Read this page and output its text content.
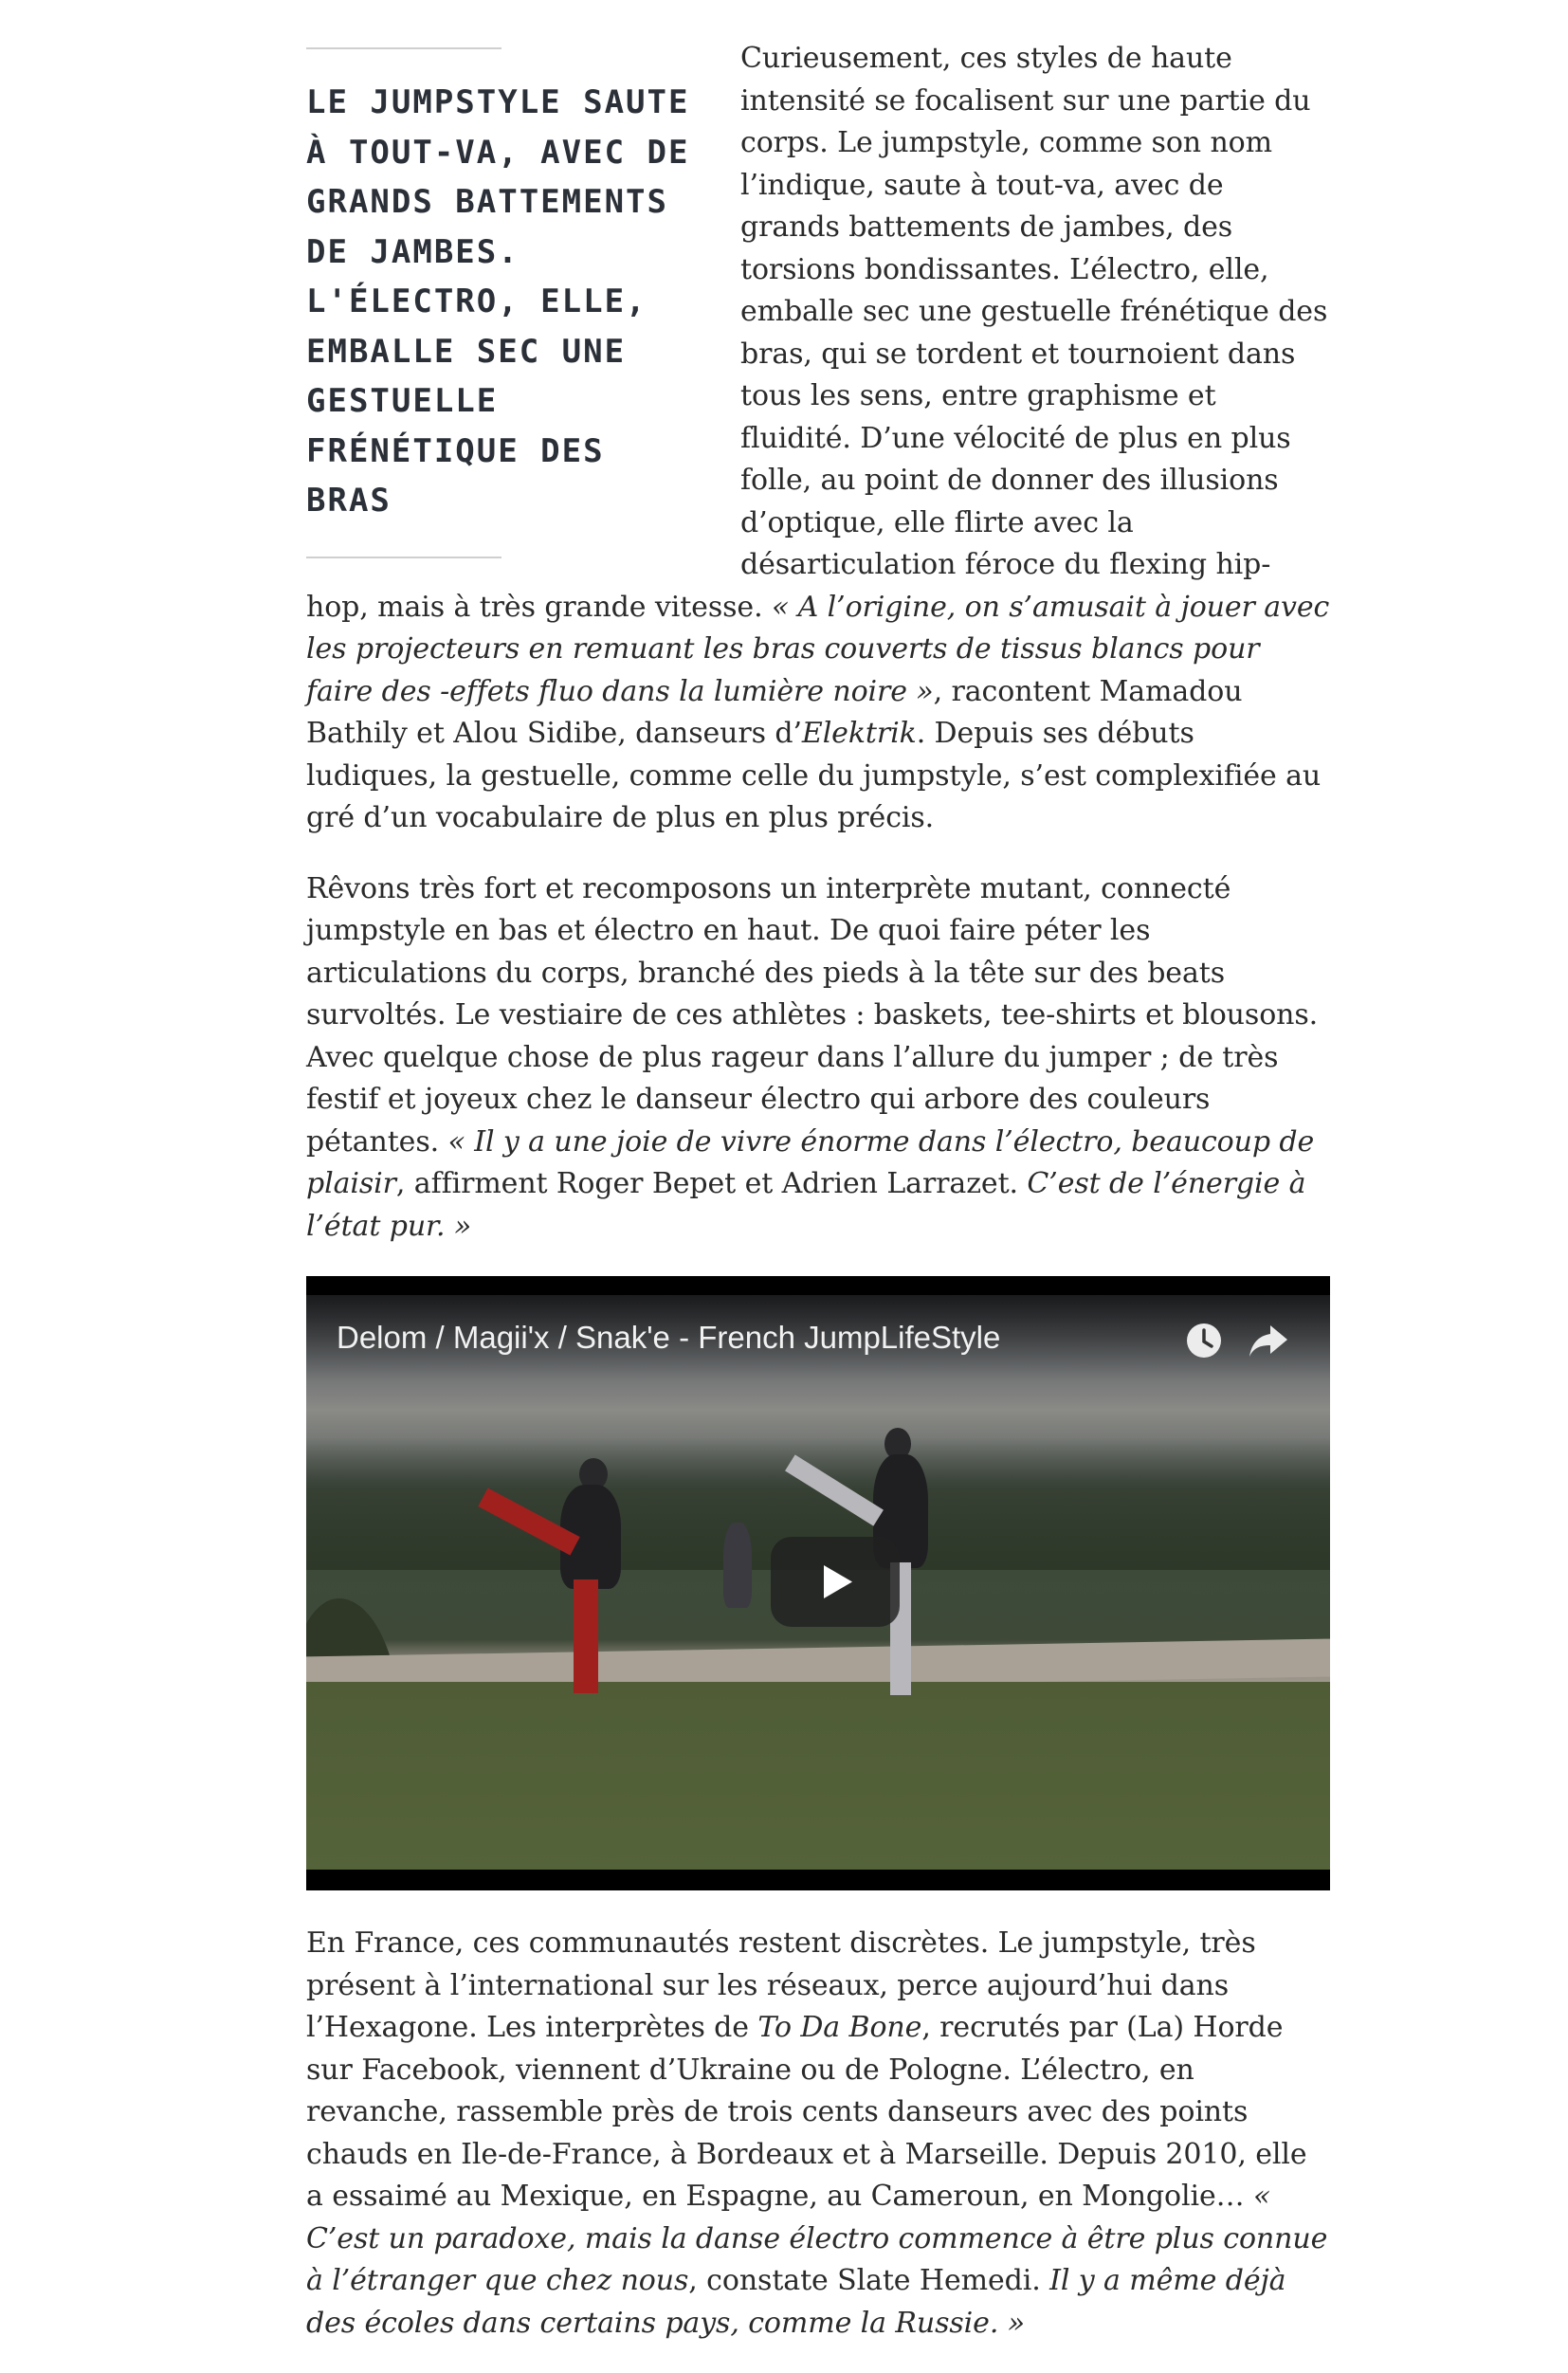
LE JUMPSTYLE SAUTE À TOUT-VA, AVEC DE GRANDS BATTEMENTS DE JAMBES. L'ÉLECTRO, ELLE, EMBALLE SEC UNE GESTUELLE FRÉNÉTIQUE DES BRAS

Curieusement, ces styles de haute intensité se focalisent sur une partie du corps. Le jumpstyle, comme son nom l’indique, saute à tout-va, avec de grands battements de jambes, des torsions bondissantes. L’électro, elle, emballe sec une gestuelle frénétique des bras, qui se tordent et tournoient dans tous les sens, entre graphisme et fluidité. D’une vélocité de plus en plus folle, au point de donner des illusions d’optique, elle flirte avec la désarticulation féroce du flexing hip-hop, mais à très grande vitesse. « A l’origine, on s’amusait à jouer avec les projecteurs en remuant les bras couverts de tissus blancs pour faire des -effets fluo dans la lumière noire », racontent Mamadou Bathily et Alou Sidibe, danseurs d’Elektrik. Depuis ses débuts ludiques, la gestuelle, comme celle du jumpstyle, s’est complexifiée au gré d’un vocabulaire de plus en plus précis.

Rêvons très fort et recomposons un interprète mutant, connecté jumpstyle en bas et électro en haut. De quoi faire péter les articulations du corps, branché des pieds à la tête sur des beats survoltés. Le vestiaire de ces athlètes : baskets, tee-shirts et blousons. Avec quelque chose de plus rageur dans l’allure du jumper ; de très festif et joyeux chez le danseur électro qui arbore des couleurs pétantes. « Il y a une joie de vivre énorme dans l’électro, beaucoup de plaisir, affirment Roger Bepet et Adrien Larrazet. C’est de l’énergie à l’état pur. »

Delom / Magii'x / Snak'e - French JumpLifeStyle

En France, ces communautés restent discrètes. Le jumpstyle, très présent à l’international sur les réseaux, perce aujourd’hui dans l’Hexagone. Les interprètes de To Da Bone, recrutés par (La) Horde sur Facebook, viennent d’Ukraine ou de Pologne. L’électro, en revanche, rassemble près de trois cents danseurs avec des points chauds en Ile-de-France, à Bordeaux et à Marseille. Depuis 2010, elle a essaimé au Mexique, en Espagne, au Cameroun, en Mongolie… « C’est un paradoxe, mais la danse électro commence à être plus connue à l’étranger que chez nous, constate Slate Hemedi. Il y a même déjà des écoles dans certains pays, comme la Russie. »
